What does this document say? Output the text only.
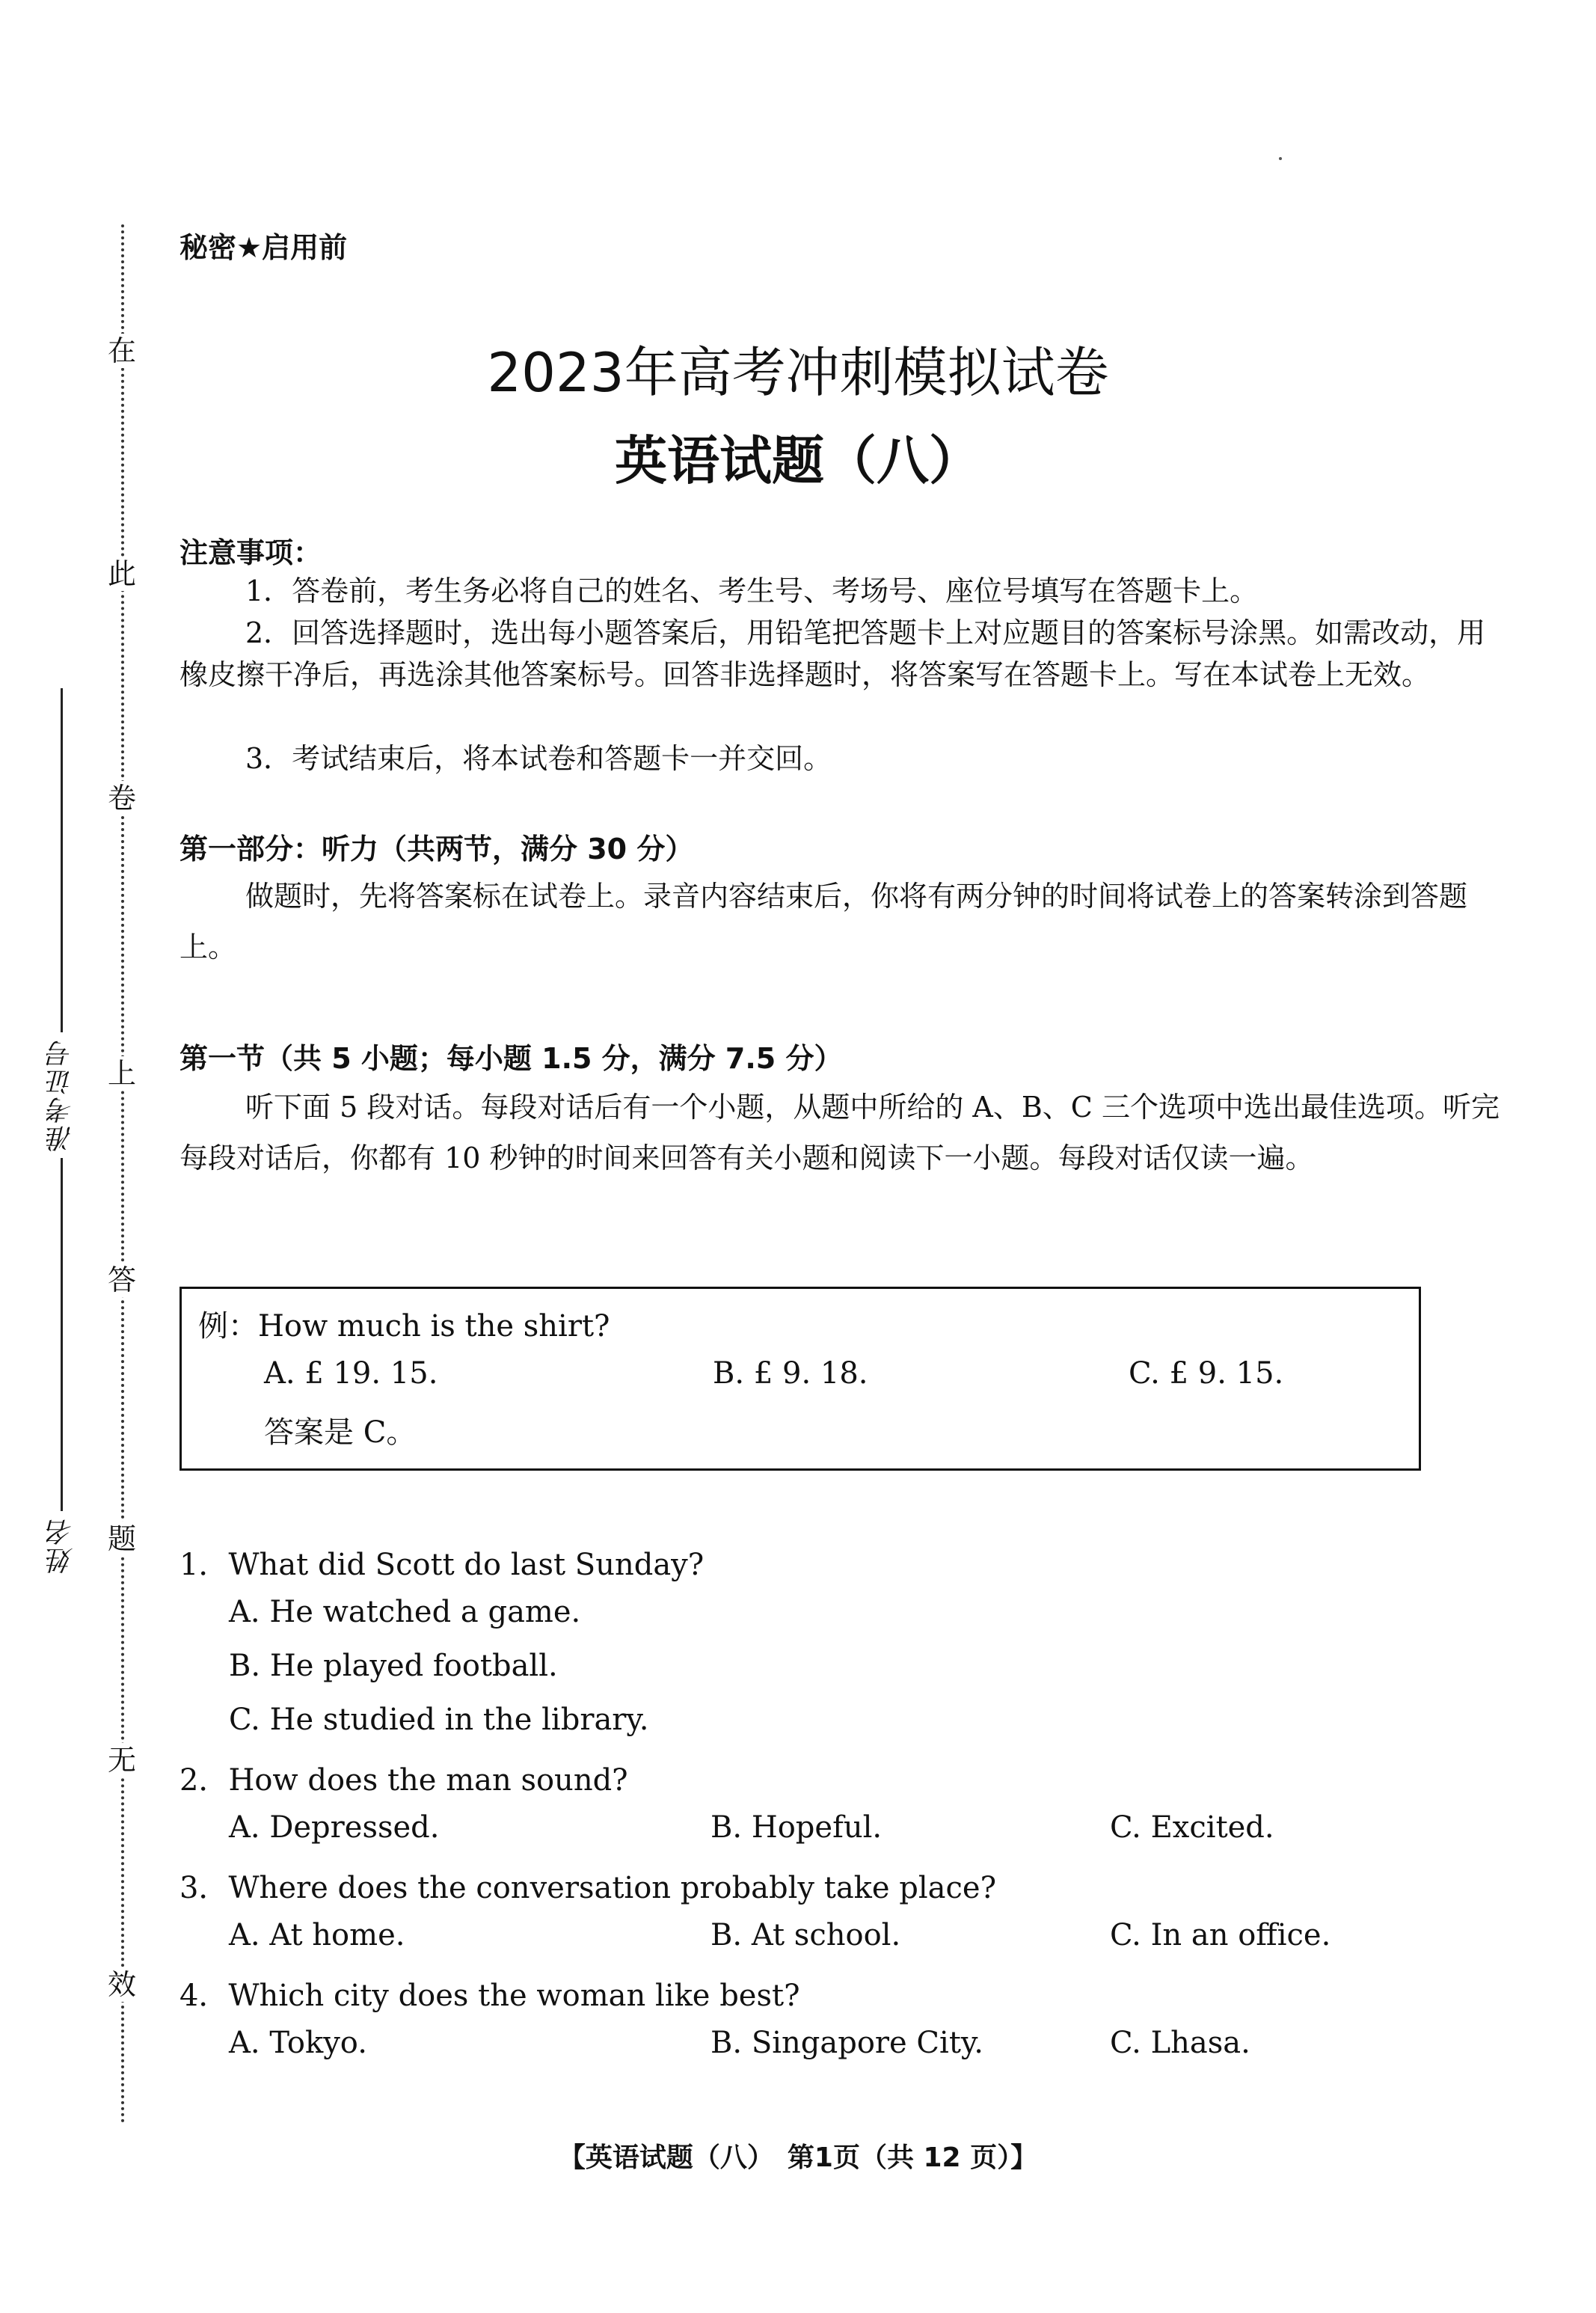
在
此
卷
上
答
题
无
效
准考证号
姓名
秘密★启用前
2023年高考冲刺模拟试卷
英语试题（八）
注意事项：
1．答卷前，考生务必将自己的姓名、考生号、考场号、座位号填写在答题卡上。
2．回答选择题时，选出每小题答案后，用铅笔把答题卡上对应题目的答案标号涂黑。如需改动，用橡皮擦干净后，再选涂其他答案标号。回答非选择题时，将答案写在答题卡上。写在本试卷上无效。
3．考试结束后，将本试卷和答题卡一并交回。
第一部分：听力（共两节，满分 30 分）
做题时，先将答案标在试卷上。录音内容结束后，你将有两分钟的时间将试卷上的答案转涂到答题上。
第一节（共 5 小题；每小题 1.5 分，满分 7.5 分）
听下面 5 段对话。每段对话后有一个小题，从题中所给的 A、B、C 三个选项中选出最佳选项。听完每段对话后，你都有 10 秒钟的时间来回答有关小题和阅读下一小题。每段对话仅读一遍。
例：How much is the shirt?
A. £ 19. 15.	B. £ 9. 18.	C. £ 9. 15.
答案是 C。
1．What did Scott do last Sunday?
A. He watched a game.
B. He played football.
C. He studied in the library.
2．How does the man sound?
A. Depressed.	B. Hopeful.	C. Excited.
3．Where does the conversation probably take place?
A. At home.	B. At school.	C. In an office.
4．Which city does the woman like best?
A. Tokyo.	B. Singapore City.	C. Lhasa.
【英语试题（八）　第1页（共 12 页）】
